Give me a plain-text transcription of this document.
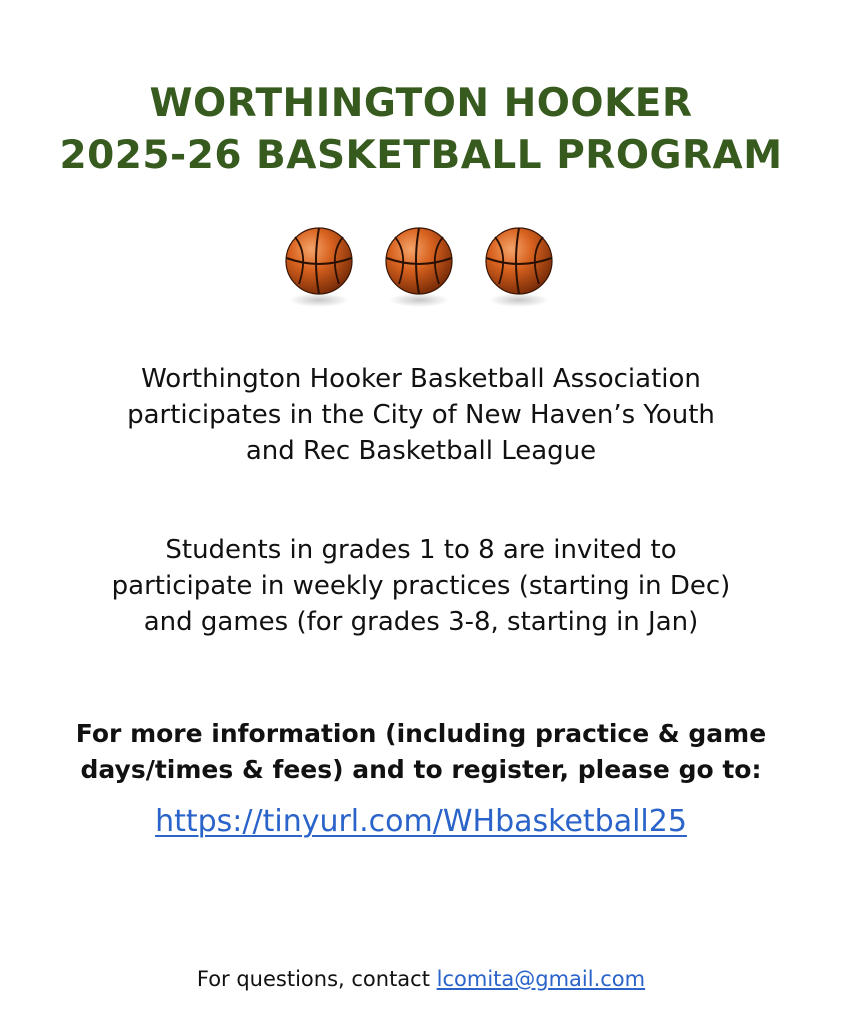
WORTHINGTON HOOKER
2025-26 BASKETBALL PROGRAM
Worthington Hooker Basketball Association
participates in the City of New Haven’s Youth
and Rec Basketball League
Students in grades 1 to 8 are invited to
participate in weekly practices (starting in Dec)
and games (for grades 3-8, starting in Jan)
For more information (including practice & game
days/times & fees) and to register, please go to:
https://tinyurl.com/WHbasketball25
For questions, contact lcomita@gmail.com
